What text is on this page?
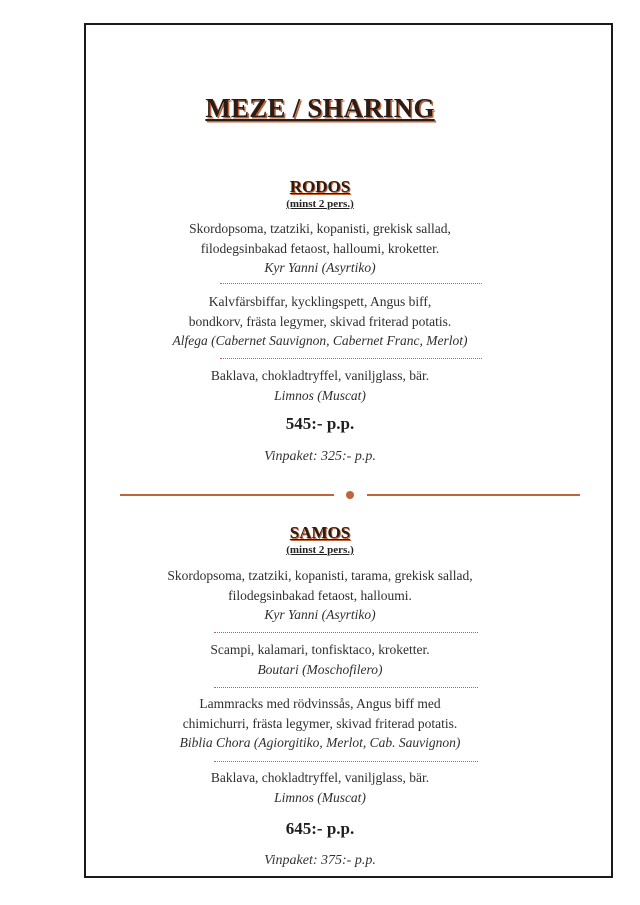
MEZE / SHARING
RODOS
(minst 2 pers.)
Skordopsoma, tzatziki, kopanisti, grekisk sallad,
filodegsinbakad fetaost, halloumi, kroketter.
Kyr Yanni (Asyrtiko)
Kalvfärsbiffar, kycklingspett, Angus biff,
bondkorv, frästa legymer, skivad friterad potatis.
Alfega (Cabernet Sauvignon, Cabernet Franc, Merlot)
Baklava, chokladtryffel, vaniljglass, bär.
Limnos (Muscat)
545:- p.p.
Vinpaket: 325:- p.p.
SAMOS
(minst 2 pers.)
Skordopsoma, tzatziki, kopanisti, tarama, grekisk sallad,
filodegsinbakad fetaost, halloumi.
Kyr Yanni (Asyrtiko)
Scampi, kalamari, tonfisktaco, kroketter.
Boutari (Moschofilero)
Lammracks med rödvinssås, Angus biff med
chimichurri, frästa legymer, skivad friterad potatis.
Biblia Chora (Agiorgitiko, Merlot, Cab. Sauvignon)
Baklava, chokladtryffel, vaniljglass, bär.
Limnos (Muscat)
645:- p.p.
Vinpaket: 375:- p.p.
